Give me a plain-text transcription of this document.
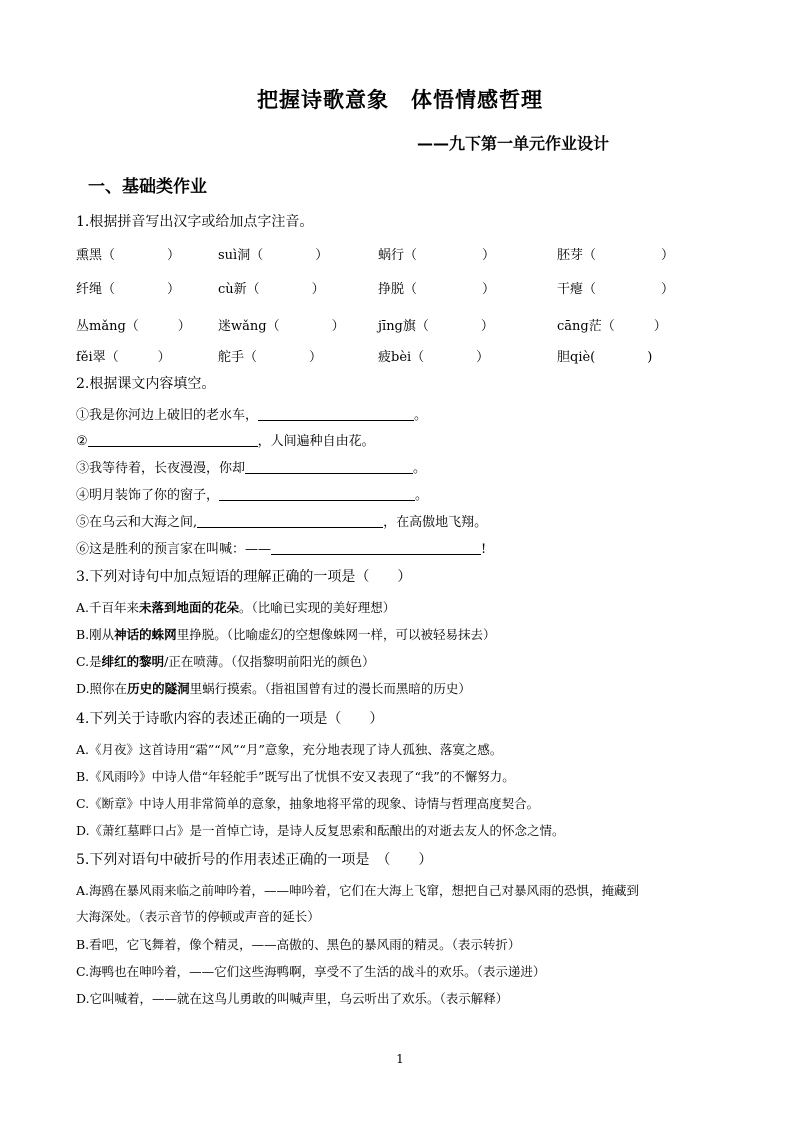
把握诗歌意象　体悟情感哲理
——九下第一单元作业设计
一、基础类作业
1.根据拼音写出汉字或给加点字注音。
熏黑（　　　　）	suì洞（　　　　）	蜗行（　　　　　）	胚芽（　　　　　）
纤绳（　　　　）	cù新（　　　　）	挣脱（　　　　　）	干瘪（　　　　　）
丛mǎng（　　　） 迷wǎng（　　　　）	jīng旗（　　　　）	cāng茫（　　　）
fěi翠（　　　）	舵手（　　　　）	疲bèi（　　　　）	胆qiè(　　　　)
2.根据课文内容填空。
①我是你河边上破旧的老水车，	。
②	，人间遍种自由花。
③我等待着，长夜漫漫，你却	。
④明月装饰了你的窗子，	。
⑤在乌云和大海之间,	，在高傲地飞翔。
⑥这是胜利的预言家在叫喊：——	!
3.下列对诗句中加点短语的理解正确的一项是（　　）
A.千百年来未落到地面的花朵。（比喻已实现的美好理想）
B.刚从神话的蛛网里挣脱。（比喻虚幻的空想像蛛网一样，可以被轻易抹去）
C.是绯红的黎明/正在喷薄。（仅指黎明前阳光的颜色）
D.照你在历史的隧洞里蜗行摸索。（指祖国曾有过的漫长而黑暗的历史）
4.下列关于诗歌内容的表述正确的一项是（　　）
A.《月夜》这首诗用“霜”“风”“月”意象，充分地表现了诗人孤独、落寞之感。
B.《风雨吟》中诗人借“年轻舵手”既写出了忧惧不安又表现了“我”的不懈努力。
C.《断章》中诗人用非常简单的意象，抽象地将平常的现象、诗情与哲理高度契合。
D.《萧红墓畔口占》是一首悼亡诗，是诗人反复思索和酝酿出的对逝去友人的怀念之情。
5.下列对语句中破折号的作用表述正确的一项是　（　　）
A.海鸥在暴风雨来临之前呻吟着，——呻吟着，它们在大海上飞窜，想把自己对暴风雨的恐惧，掩藏到
大海深处。（表示音节的停顿或声音的延长）
B.看吧，它飞舞着，像个精灵，——高傲的、黑色的暴风雨的精灵。（表示转折）
C.海鸭也在呻吟着，——它们这些海鸭啊，享受不了生活的战斗的欢乐。（表示递进）
D.它叫喊着，——就在这鸟儿勇敢的叫喊声里，乌云听出了欢乐。（表示解释）
1
